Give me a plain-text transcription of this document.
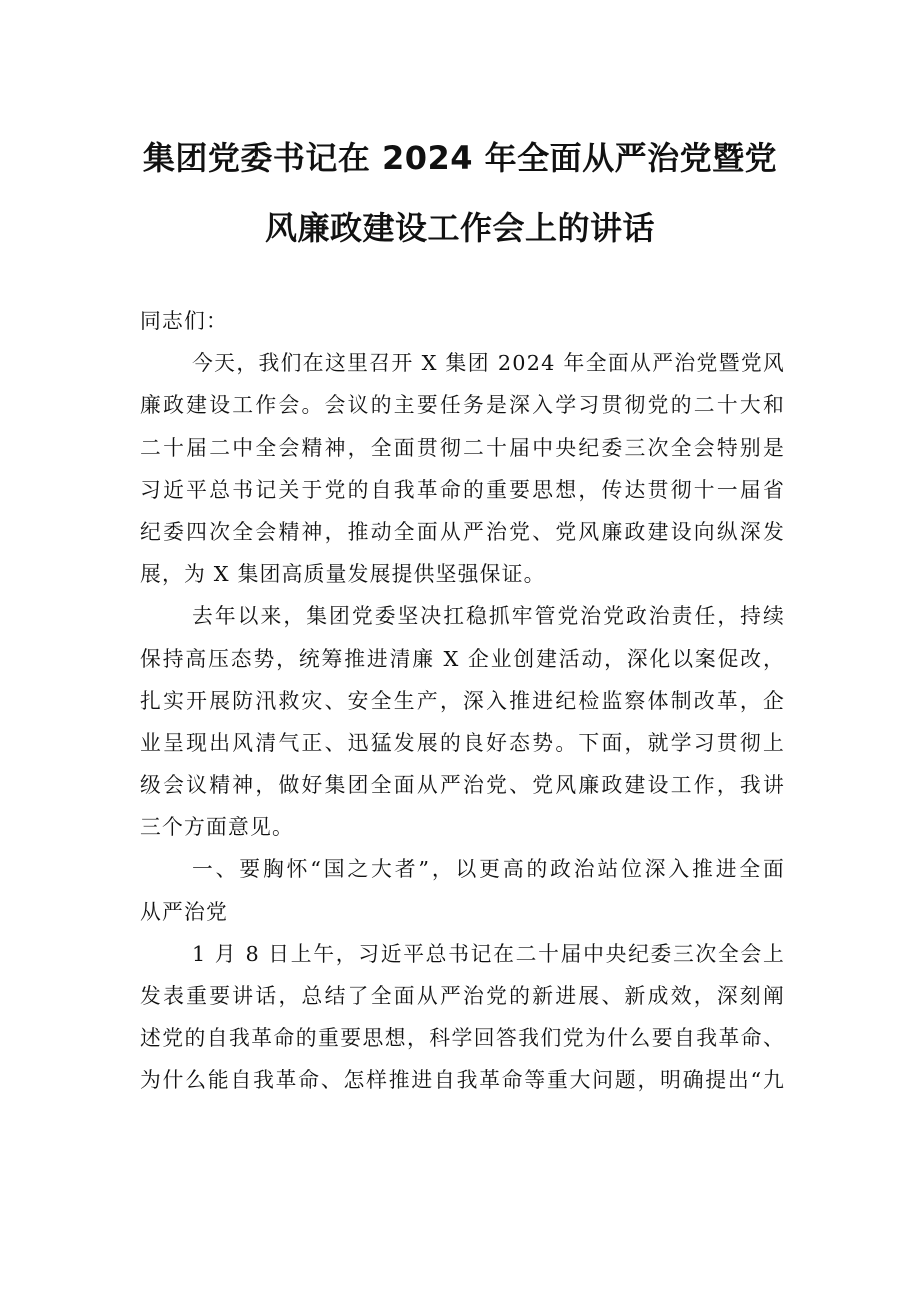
集团党委书记在 2024 年全面从严治党暨党
风廉政建设工作会上的讲话
同志们：
今天，我们在这里召开 X 集团 2024 年全面从严治党暨党风
廉政建设工作会。会议的主要任务是深入学习贯彻党的二十大和
二十届二中全会精神，全面贯彻二十届中央纪委三次全会特别是
习近平总书记关于党的自我革命的重要思想，传达贯彻十一届省
纪委四次全会精神，推动全面从严治党、党风廉政建设向纵深发
展，为 X 集团高质量发展提供坚强保证。
去年以来，集团党委坚决扛稳抓牢管党治党政治责任，持续
保持高压态势，统筹推进清廉 X 企业创建活动，深化以案促改，
扎实开展防汛救灾、安全生产，深入推进纪检监察体制改革，企
业呈现出风清气正、迅猛发展的良好态势。下面，就学习贯彻上
级会议精神，做好集团全面从严治党、党风廉政建设工作，我讲
三个方面意见。
一、要胸怀“国之大者”，以更高的政治站位深入推进全面
从严治党
1 月 8 日上午，习近平总书记在二十届中央纪委三次全会上
发表重要讲话，总结了全面从严治党的新进展、新成效，深刻阐
述党的自我革命的重要思想，科学回答我们党为什么要自我革命、
为什么能自我革命、怎样推进自我革命等重大问题，明确提出“九
